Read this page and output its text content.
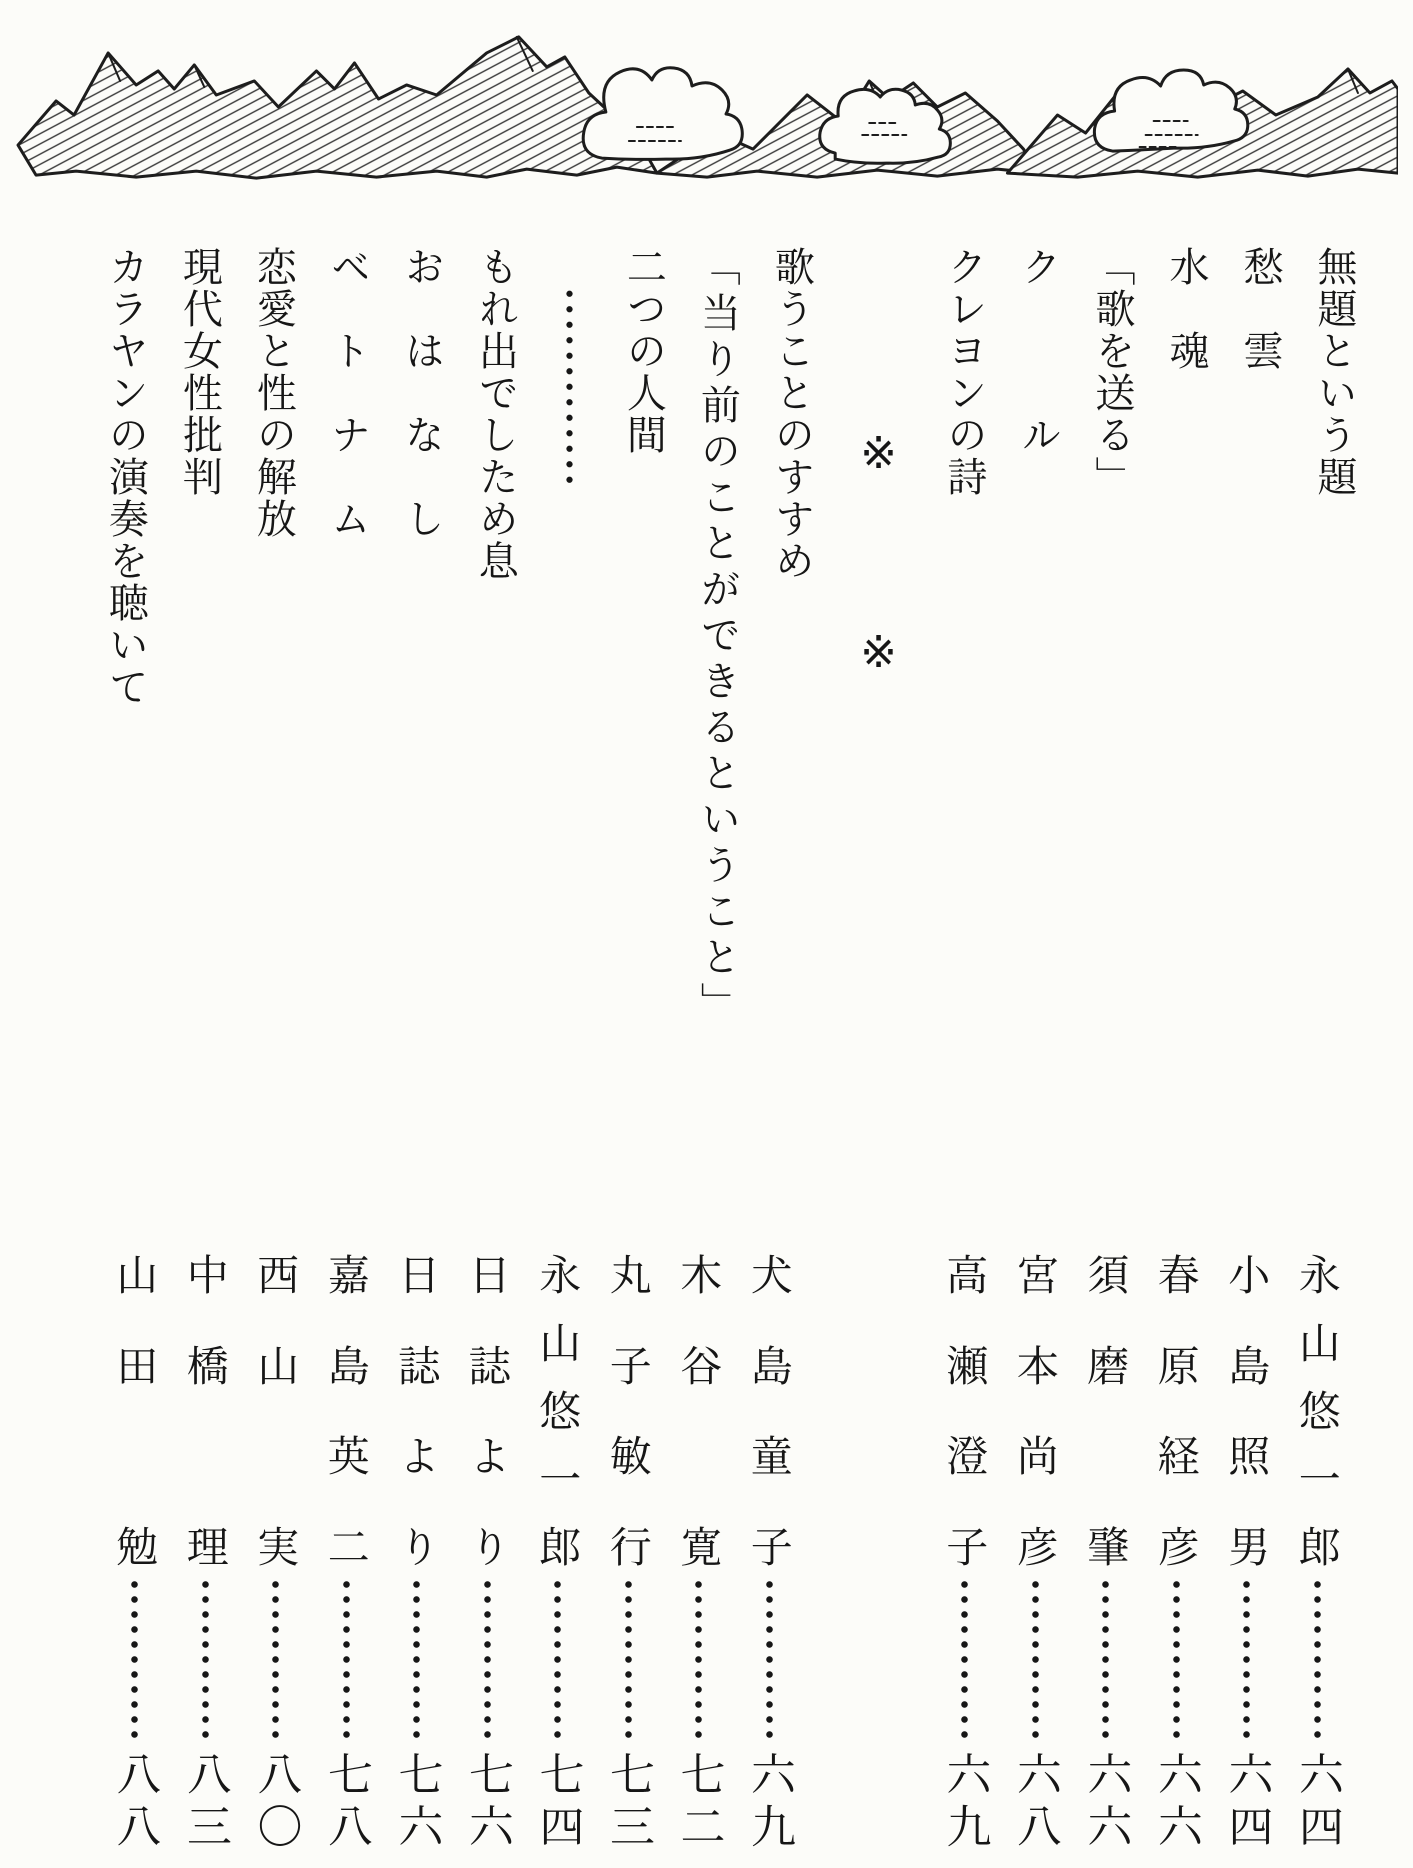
無題という題
愁　雲
水　魂
「歌を送る」
ク　　　ル
クレヨンの詩
※※
歌うことのすすめ
「当り前のことができるということ」
二つの人間
もれ出でしため息
お　は　な　し
ベ　ト　ナ　ム
恋愛と性の解放
現代女性批判
カラヤンの演奏を聴いて
永
山
悠
一
郎
六四
小
島
照
男
六四
春
原
経
彦
六六
須
磨

肇
六六
宮
本
尚
彦
六八
高
瀬
澄
子
六九
犬
島
童
子
六九
木
谷

寛
七二
丸
子
敏
行
七三
永
山
悠
一
郎
七四
日
誌
よ
り
七六
日
誌
よ
り
七六
嘉
島
英
二
七八
西
山

実
八〇
中
橋

理
八三
山
田

勉
八八
